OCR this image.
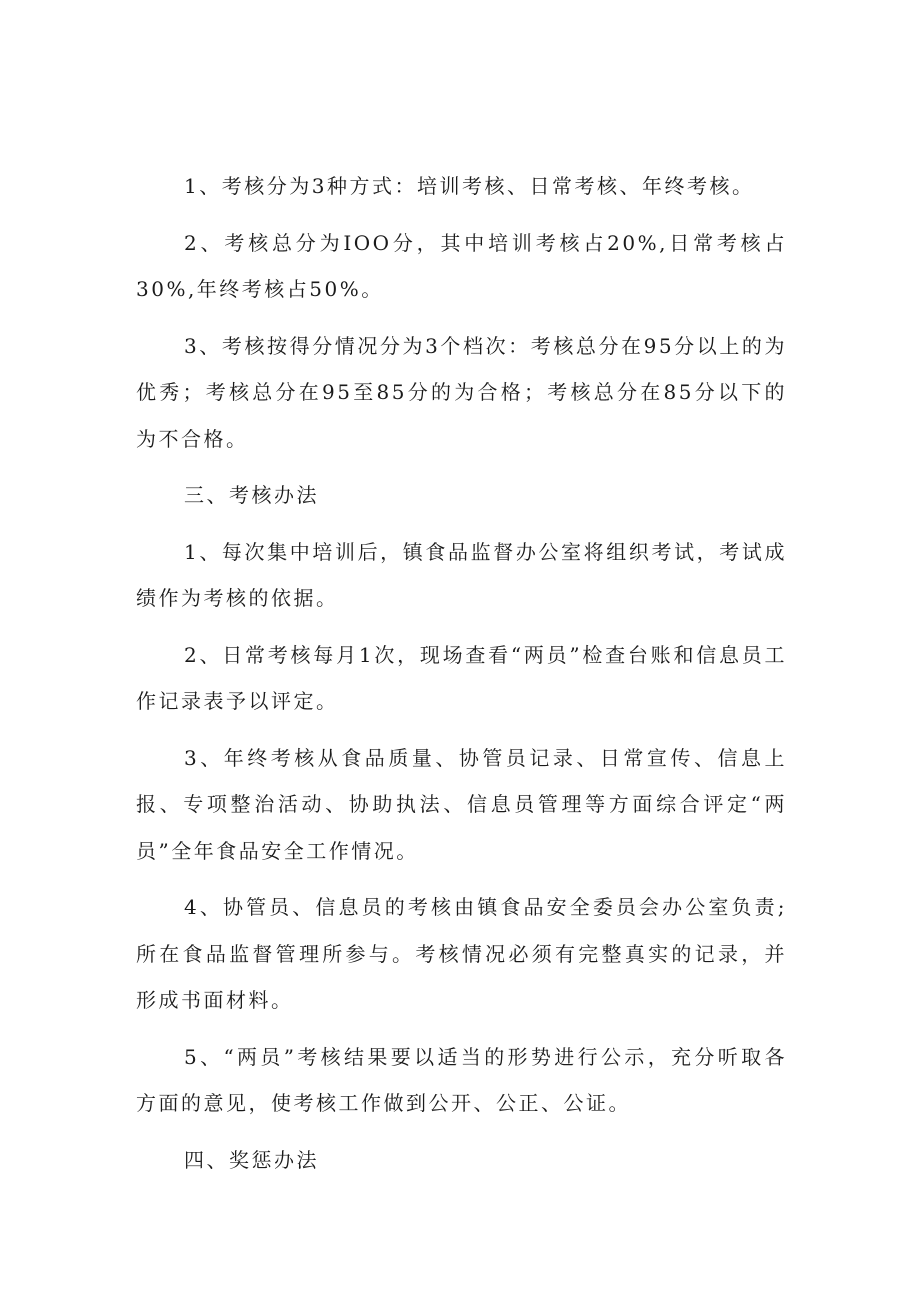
1、考核分为3种方式：培训考核、日常考核、年终考核。

2、考核总分为IOO分，其中培训考核占20%,日常考核占30%,年终考核占50%。

3、考核按得分情况分为3个档次：考核总分在95分以上的为优秀；考核总分在95至85分的为合格；考核总分在85分以下的为不合格。

三、考核办法

1、每次集中培训后，镇食品监督办公室将组织考试，考试成绩作为考核的依据。

2、日常考核每月1次，现场查看“两员”检查台账和信息员工作记录表予以评定。

3、年终考核从食品质量、协管员记录、日常宣传、信息上报、专项整治活动、协助执法、信息员管理等方面综合评定“两员”全年食品安全工作情况。

4、协管员、信息员的考核由镇食品安全委员会办公室负责;所在食品监督管理所参与。考核情况必须有完整真实的记录，并形成书面材料。

5、“两员”考核结果要以适当的形势进行公示，充分听取各方面的意见，使考核工作做到公开、公正、公证。

四、奖惩办法
